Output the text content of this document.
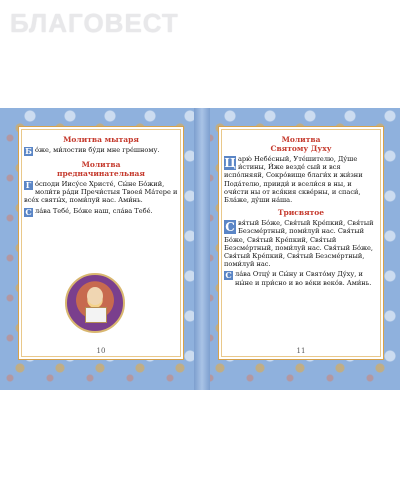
БЛАГОВЕСТ
Молитва мытаря
Б о́же, ми́лостив бу́ди мне гре́шному.
Молитва
предначинательная
Г о́споди Иису́се Христе́, Сы́не Бо́жий, моли́тв ра́ди Пречи́стыя Твоея́ Ма́тере и все́х святы́х, поми́луй нас. Ами́нь.
С ла́ва Тебе́, Бо́же наш, сла́ва Тебе́.
10
Молитва
Святому Духу
Ц арю́ Небе́сный, Уте́шителю, Ду́ше и́стины, И́же везде́ сый и вся испо́лняяй, Сокро́вище благи́х и жи́зни Пода́телю, прииди́ и всели́ся в ны, и очи́сти ны от вся́кия скве́рны, и спаси́, Бла́же, ду́ши на́ша.
Трисвятое
С вя́тый Бо́же, Свя́тый Кре́пкий, Свя́тый Безсме́ртный, поми́луй нас. Свя́тый Бо́же, Свя́тый Кре́пкий, Свя́тый Безсме́ртный, поми́луй нас. Свя́тый Бо́же, Свя́тый Кре́пкий, Свя́тый Безсме́ртный, поми́луй нас.
С ла́ва Отцу́ и Сы́ну и Свято́му Ду́ху, и ны́не и при́сно и во ве́ки веко́в. Ами́нь.
11
